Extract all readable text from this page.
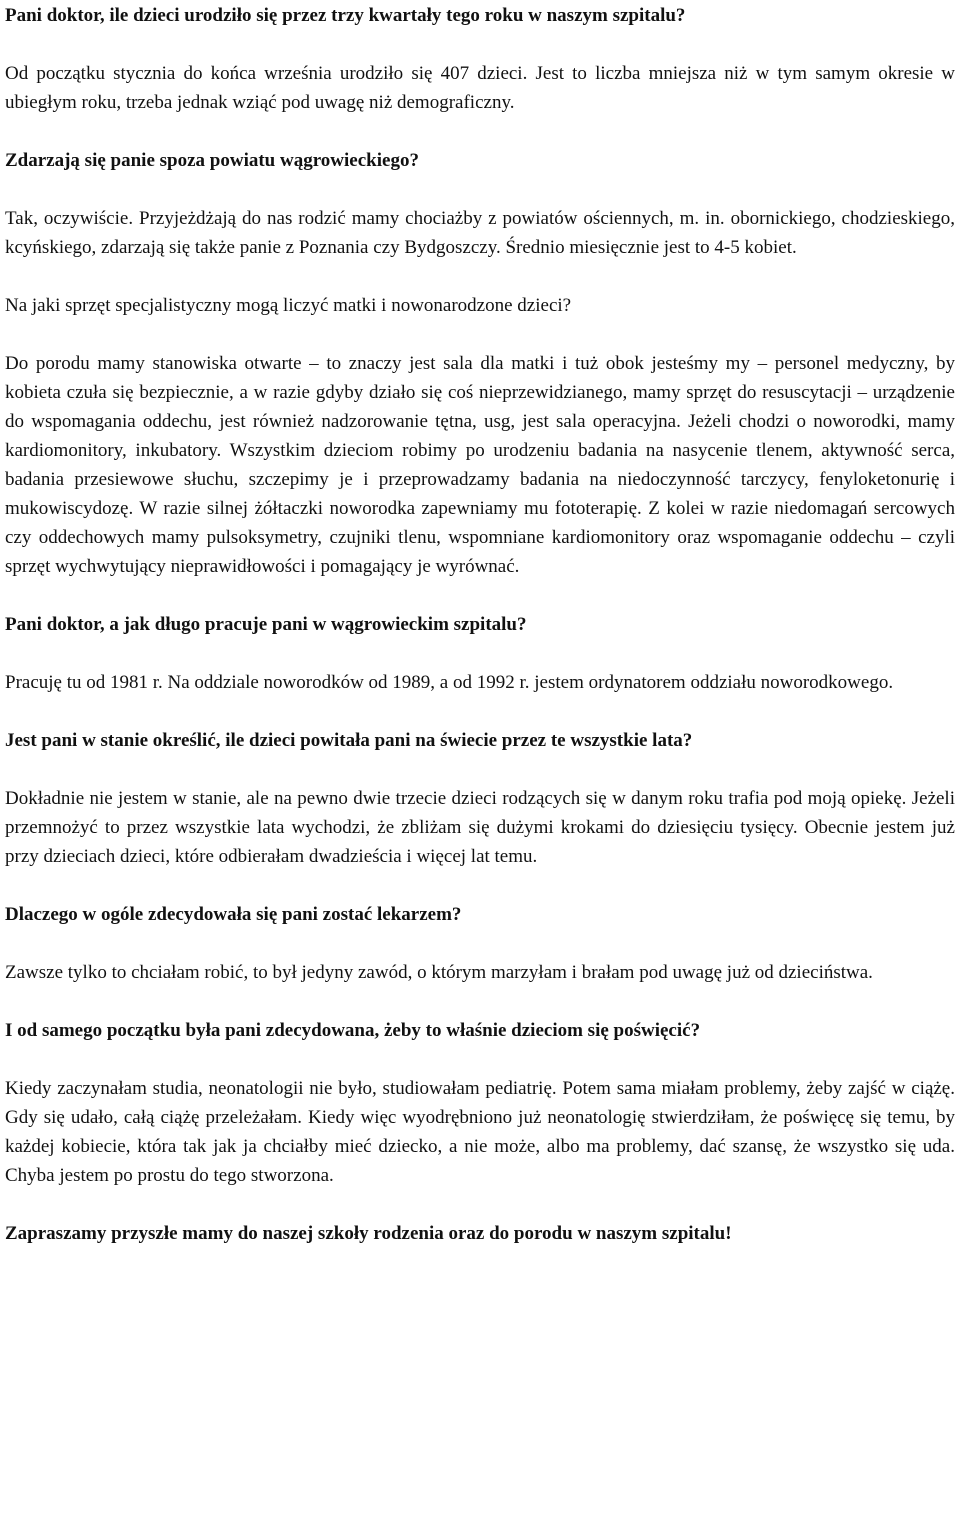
Pani doktor, ile dzieci urodziło się przez trzy kwartały tego roku w naszym szpitalu?
Od początku stycznia do końca września urodziło się 407 dzieci. Jest to liczba mniejsza niż w tym samym okresie w ubiegłym roku, trzeba jednak wziąć pod uwagę niż demograficzny.
Zdarzają się panie spoza powiatu wągrowieckiego?
Tak, oczywiście. Przyjeżdżają do nas rodzić mamy chociażby z powiatów ościennych, m. in. obornickiego, chodzieskiego, kcyńskiego, zdarzają się także panie z Poznania czy Bydgoszczy. Średnio miesięcznie jest to 4-5 kobiet.
Na jaki sprzęt specjalistyczny mogą liczyć matki i nowonarodzone dzieci?
Do porodu mamy stanowiska otwarte – to znaczy jest sala dla matki i tuż obok jesteśmy my – personel medyczny, by kobieta czuła się bezpiecznie, a w razie gdyby działo się coś nieprzewidzianego, mamy sprzęt do resuscytacji – urządzenie do wspomagania oddechu, jest również nadzorowanie tętna, usg, jest sala operacyjna. Jeżeli chodzi o noworodki, mamy kardiomonitory, inkubatory. Wszystkim dzieciom robimy po urodzeniu badania na nasycenie tlenem, aktywność serca, badania przesiewowe słuchu, szczepimy je i przeprowadzamy badania na niedoczynność tarczycy, fenyloketonurię i mukowiscydozę. W razie silnej żółtaczki noworodka zapewniamy mu fototerapię. Z kolei w razie niedomagań sercowych czy oddechowych mamy pulsoksymetry, czujniki tlenu, wspomniane kardiomonitory oraz wspomaganie oddechu – czyli sprzęt wychwytujący nieprawidłowości i pomagający je wyrównać.
Pani doktor, a jak długo pracuje pani w wągrowieckim szpitalu?
Pracuję tu od 1981 r. Na oddziale noworodków od 1989, a od 1992 r. jestem ordynatorem oddziału noworodkowego.
Jest pani w stanie określić, ile dzieci powitała pani na świecie przez te wszystkie lata?
Dokładnie nie jestem w stanie, ale na pewno dwie trzecie dzieci rodzących się w danym roku trafia pod moją opiekę. Jeżeli przemnożyć to przez wszystkie lata wychodzi, że zbliżam się dużymi krokami do dziesięciu tysięcy. Obecnie jestem już przy dzieciach dzieci, które odbierałam dwadzieścia i więcej lat temu.
Dlaczego w ogóle zdecydowała się pani zostać lekarzem?
Zawsze tylko to chciałam robić, to był jedyny zawód, o którym marzyłam i brałam pod uwagę już od dzieciństwa.
I od samego początku była pani zdecydowana, żeby to właśnie dzieciom się poświęcić?
Kiedy zaczynałam studia, neonatologii nie było, studiowałam pediatrię. Potem sama miałam problemy, żeby zajść w ciążę. Gdy się udało, całą ciążę przeleżałam. Kiedy więc wyodrębniono już neonatologię stwierdziłam, że poświęcę się temu, by każdej kobiecie, która tak jak ja chciałby mieć dziecko, a nie może, albo ma problemy, dać szansę, że wszystko się uda. Chyba jestem po prostu do tego stworzona.
Zapraszamy przyszłe mamy do naszej szkoły rodzenia oraz do porodu w naszym szpitalu!
